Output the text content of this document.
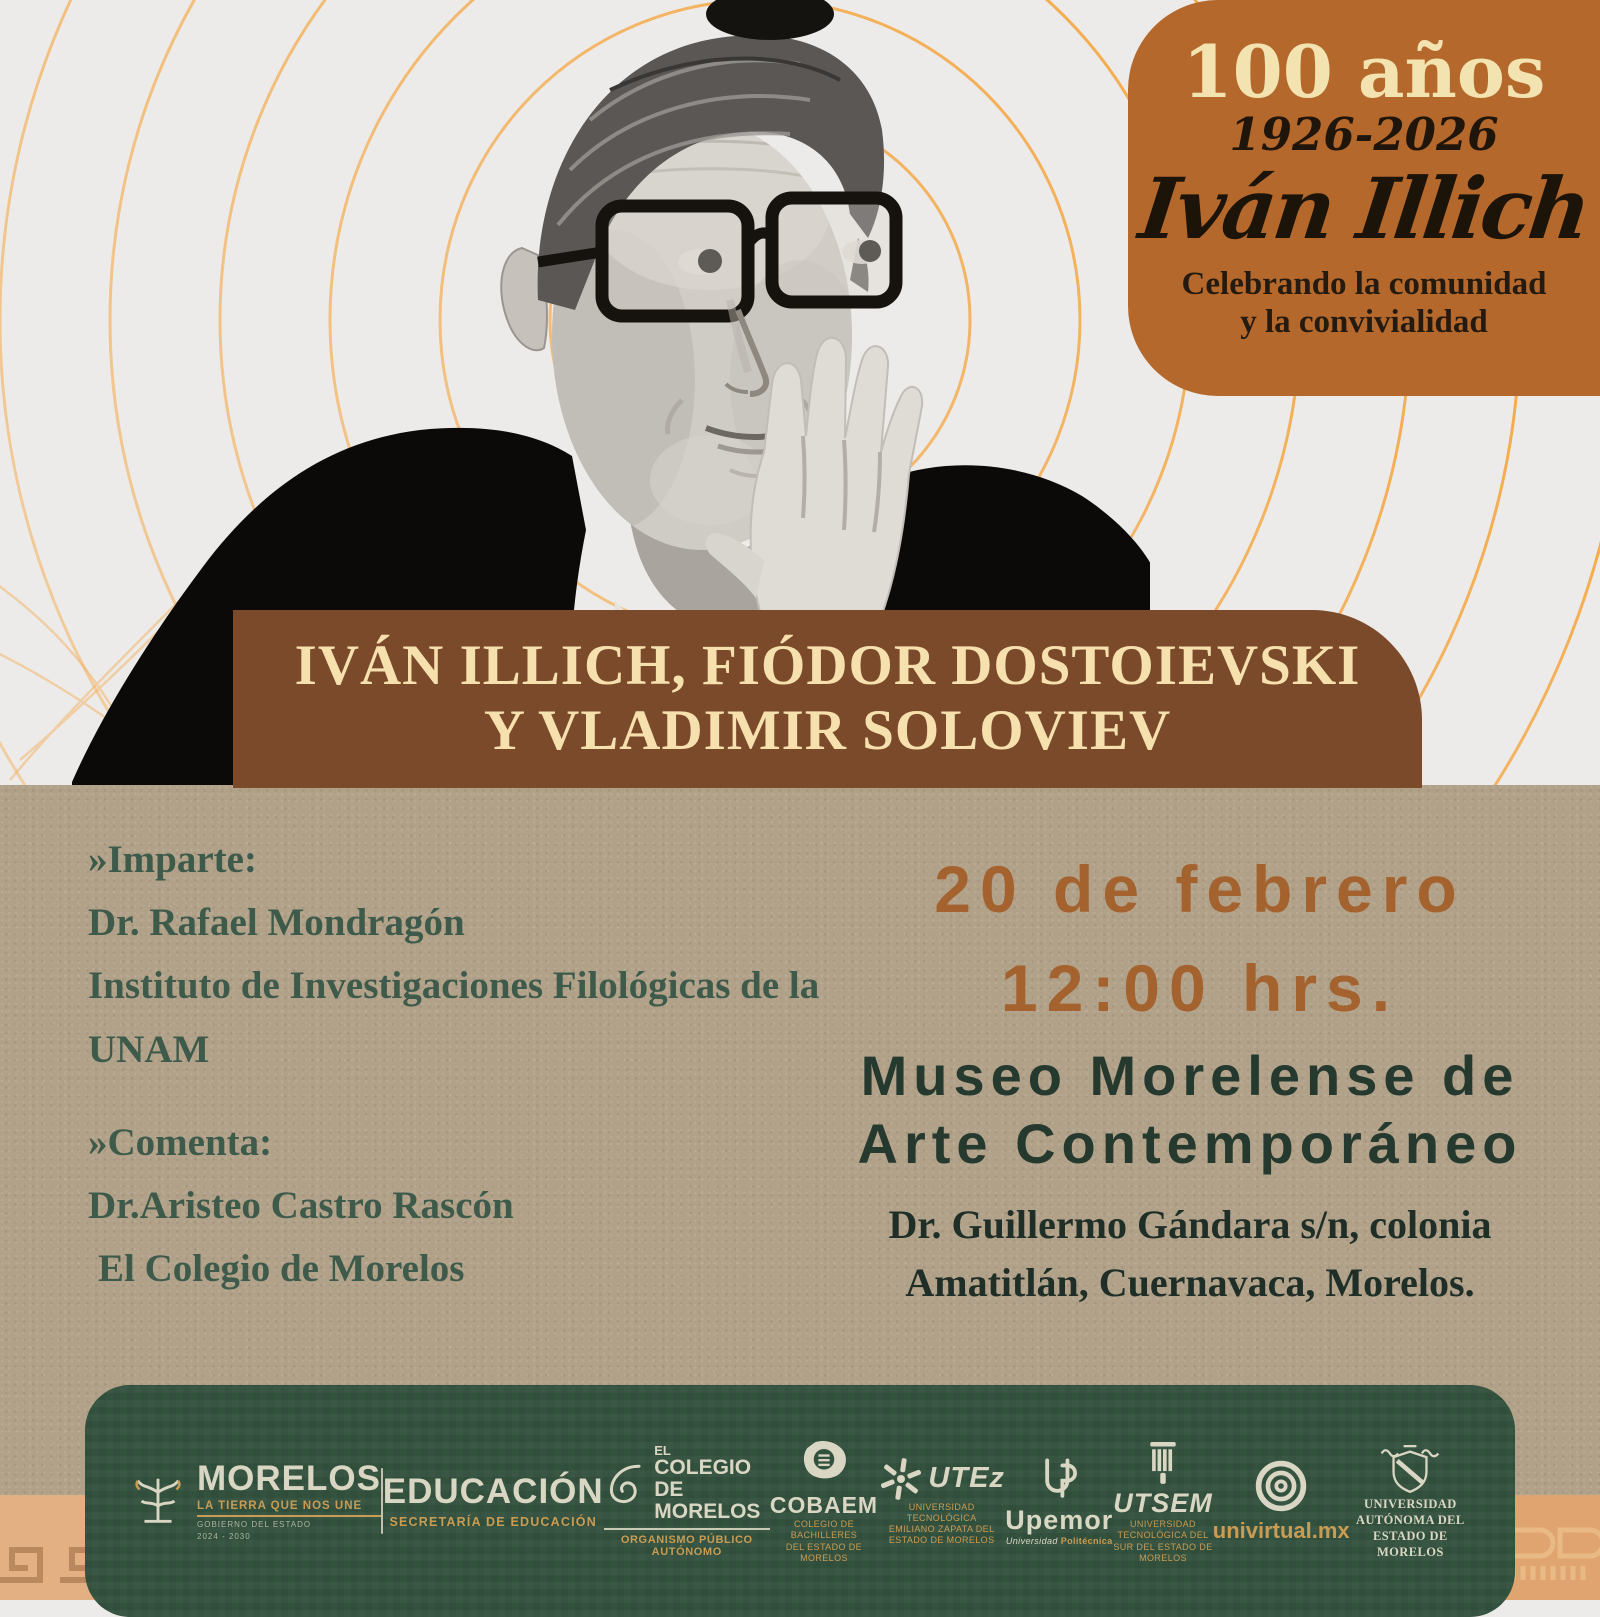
100 años
1926-2026
Iván Illich
Celebrando la comunidad
y la convivialidad
IVÁN ILLICH, FIÓDOR DOSTOIEVSKI
Y VLADIMIR SOLOVIEV
»Imparte:
Dr. Rafael Mondragón
Instituto de Investigaciones Filológicas de la
UNAM
»Comenta:
Dr.Aristeo Castro Rascón
El Colegio de Morelos
20 de febrero
12:00 hrs.
Museo Morelense de
Arte Contemporáneo
Dr. Guillermo Gándara s/n, colonia
Amatitlán, Cuernavaca, Morelos.
MORELOS
LA TIERRA QUE NOS UNE
GOBIERNO DEL ESTADO
2024 - 2030
EDUCACIÓN
SECRETARÍA DE EDUCACIÓN
EL
COLEGIO
DE MORELOS
ORGANISMO PÚBLICO AUTÓNOMO
COBAEM
COLEGIO DE BACHILLERES
DEL ESTADO DE MORELOS
UTEz
UNIVERSIDAD TECNOLÓGICA
EMILIANO ZAPATA DEL ESTADO DE MORELOS
Upemor
Universidad Politécnica
UTSEM
UNIVERSIDAD TECNOLÓGICA DEL
SUR DEL ESTADO DE MORELOS
univirtual.mx
UNIVERSIDAD AUTÓNOMA DEL
ESTADO DE MORELOS
